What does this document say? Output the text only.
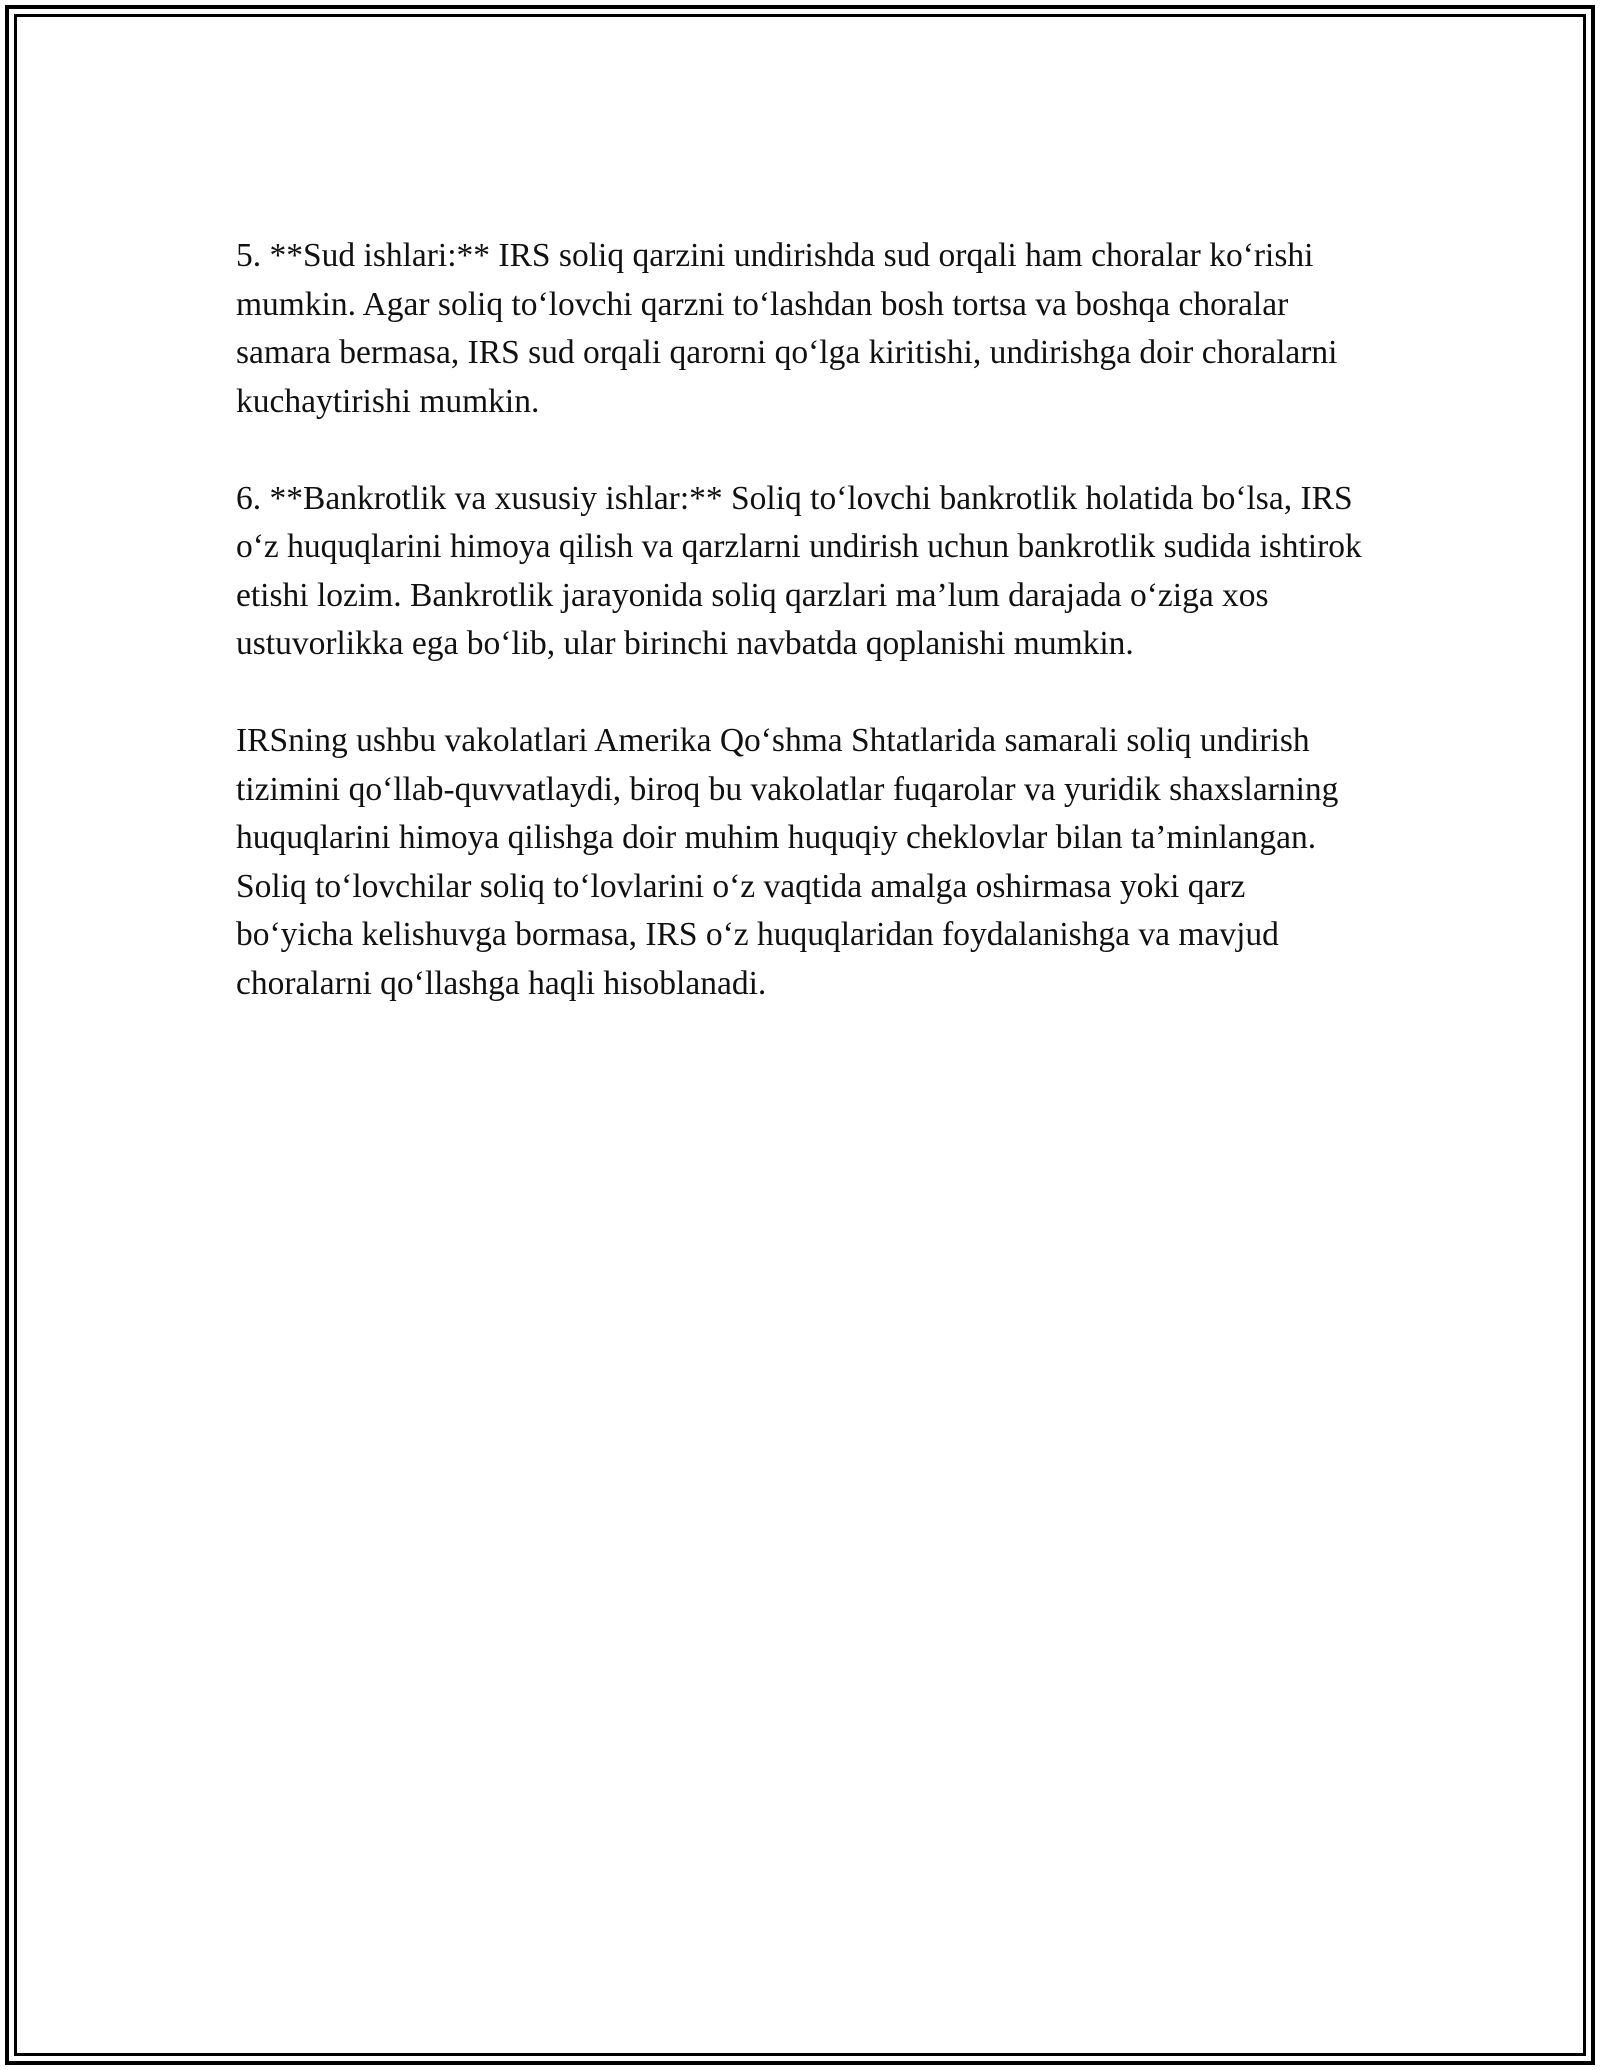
5. **Sud ishlari:** IRS soliq qarzini undirishda sud orqali ham choralar ko‘rishi mumkin. Agar soliq to‘lovchi qarzni to‘lashdan bosh tortsa va boshqa choralar samara bermasa, IRS sud orqali qarorni qo‘lga kiritishi, undirishga doir choralarni kuchaytirishi mumkin.

6. **Bankrotlik va xususiy ishlar:** Soliq to‘lovchi bankrotlik holatida bo‘lsa, IRS o‘z huquqlarini himoya qilish va qarzlarni undirish uchun bankrotlik sudida ishtirok etishi lozim. Bankrotlik jarayonida soliq qarzlari ma’lum darajada o‘ziga xos ustuvorlikka ega bo‘lib, ular birinchi navbatda qoplanishi mumkin.

IRSning ushbu vakolatlari Amerika Qo‘shma Shtatlarida samarali soliq undirish tizimini qo‘llab-quvvatlaydi, biroq bu vakolatlar fuqarolar va yuridik shaxslarning huquqlarini himoya qilishga doir muhim huquqiy cheklovlar bilan ta’minlangan. Soliq to‘lovchilar soliq to‘lovlarini o‘z vaqtida amalga oshirmasa yoki qarz bo‘yicha kelishuvga bormasa, IRS o‘z huquqlaridan foydalanishga va mavjud choralarni qo‘llashga haqli hisoblanadi.
